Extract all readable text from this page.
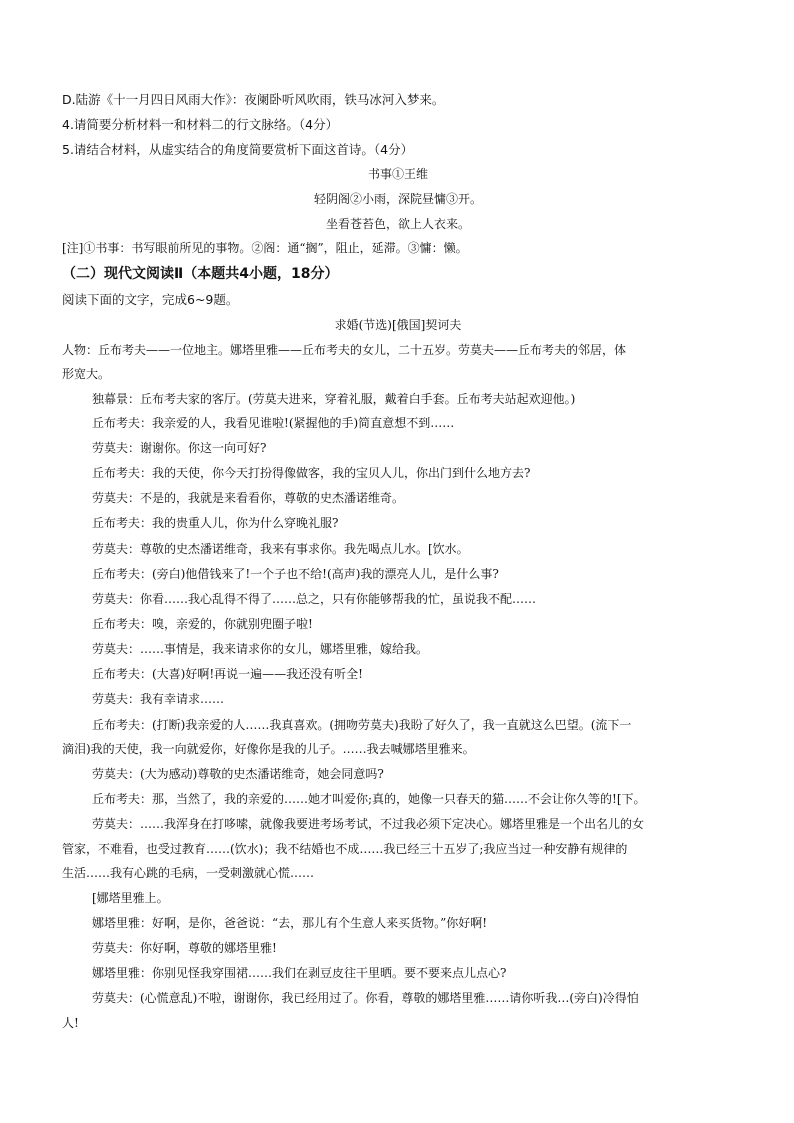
D.陆游《十一月四日风雨大作》：夜阑卧听风吹雨，铁马冰河入梦来。
4.请简要分析材料一和材料二的行文脉络。（4分）
5.请结合材料，从虚实结合的角度简要赏析下面这首诗。（4分）
书事①王维
轻阴阁②小雨，深院昼慵③开。
坐看苍苔色，欲上人衣来。
[注]①书事：书写眼前所见的事物。②阁：通“搁”，阻止，延滞。③慵：懒。
（二）现代文阅读Ⅱ（本题共4小题，18分）
阅读下面的文字，完成6~9题。
求婚(节选)[俄国]契诃夫
人物：丘布考夫——一位地主。娜塔里雅——丘布考夫的女儿，二十五岁。劳莫夫——丘布考夫的邻居，体
形宽大。
独幕景：丘布考夫家的客厅。(劳莫夫进来，穿着礼服，戴着白手套。丘布考夫站起欢迎他。)
丘布考夫：我亲爱的人，我看见谁啦!(紧握他的手)简直意想不到……
劳莫夫：谢谢你。你这一向可好?
丘布考夫：我的天使，你今天打扮得像做客，我的宝贝人儿，你出门到什么地方去?
劳莫夫：不是的，我就是来看看你，尊敬的史杰潘诺维奇。
丘布考夫：我的贵重人儿，你为什么穿晚礼服?
劳莫夫：尊敬的史杰潘诺维奇，我来有事求你。我先喝点儿水。[饮水。
丘布考夫：(旁白)他借钱来了!一个子也不给!(高声)我的漂亮人儿，是什么事?
劳莫夫：你看……我心乱得不得了……总之，只有你能够帮我的忙，虽说我不配……
丘布考夫：嗅，亲爱的，你就别兜圈子啦!
劳莫夫：……事情是，我来请求你的女儿，娜塔里雅，嫁给我。
丘布考夫：(大喜)好啊!再说一遍——我还没有听全!
劳莫夫：我有幸请求……
丘布考夫：(打断)我亲爱的人……我真喜欢。(拥吻劳莫夫)我盼了好久了，我一直就这么巴望。(流下一
滴泪)我的天使，我一向就爱你，好像你是我的儿子。……我去喊娜塔里雅来。
劳莫夫：(大为感动)尊敬的史杰潘诺维奇，她会同意吗?
丘布考夫：那，当然了，我的亲爱的……她才叫爱你;真的，她像一只春天的猫……不会让你久等的![下。
劳莫夫：……我浑身在打哆嗦，就像我要进考场考试，不过我必须下定决心。娜塔里雅是一个出名儿的女
管家，不难看，也受过教育……(饮水)；我不结婚也不成……我已经三十五岁了;我应当过一种安静有规律的
生活……我有心跳的毛病，一受刺激就心慌……
[娜塔里雅上。
娜塔里雅：好啊，是你，爸爸说：“去，那儿有个生意人来买货物。”你好啊!
劳莫夫：你好啊，尊敬的娜塔里雅!
娜塔里雅：你别见怪我穿围裙……我们在剥豆皮往干里晒。要不要来点儿点心?
劳莫夫：(心慌意乱)不啦，谢谢你，我已经用过了。你看，尊敬的娜塔里雅……请你听我…(旁白)冷得怕
人!
